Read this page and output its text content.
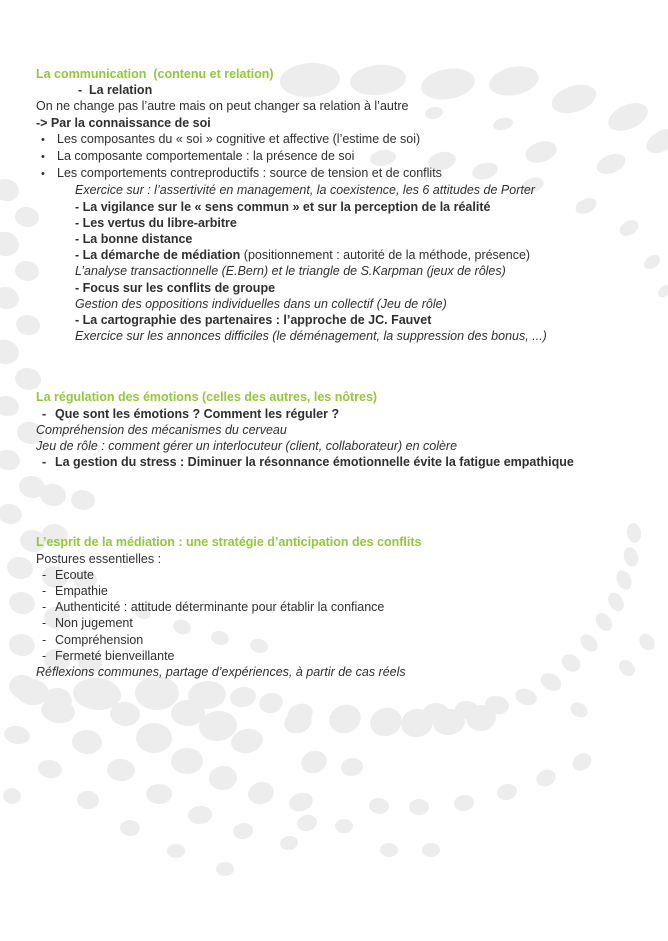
La communication  (contenu et relation)
- La relation
On ne change pas l’autre mais on peut changer sa relation à l’autre
-> Par la connaissance de soi
• Les composantes du « soi » cognitive et affective (l’estime de soi)
• La composante comportementale : la présence de soi
• Les comportements contreproductifs : source de tension et de conflits
Exercice sur : l’assertivité en management, la coexistence, les 6 attitudes de Porter
- La vigilance sur le « sens commun » et sur la perception de la réalité
- Les vertus du libre-arbitre
- La bonne distance
- La démarche de médiation (positionnement : autorité de la méthode, présence)
L’analyse transactionnelle (E.Bern) et le triangle de S.Karpman (jeux de rôles)
- Focus sur les conflits de groupe
Gestion des oppositions individuelles dans un collectif (Jeu de rôle)
- La cartographie des partenaires : l’approche de JC. Fauvet
Exercice sur les annonces difficiles (le déménagement, la suppression des bonus, ...)
La régulation des émotions (celles des autres, les nôtres)
- Que sont les émotions ? Comment les réguler ?
Compréhension des mécanismes du cerveau
Jeu de rôle : comment gérer un interlocuteur (client, collaborateur) en colère
- La gestion du stress : Diminuer la résonnance émotionnelle évite la fatigue empathique
L’esprit de la médiation : une stratégie d’anticipation des conflits
Postures essentielles :
- Ecoute
- Empathie
- Authenticité : attitude déterminante pour établir la confiance
- Non jugement
- Compréhension
- Fermeté bienveillante
Réflexions communes, partage d’expériences, à partir de cas réels
